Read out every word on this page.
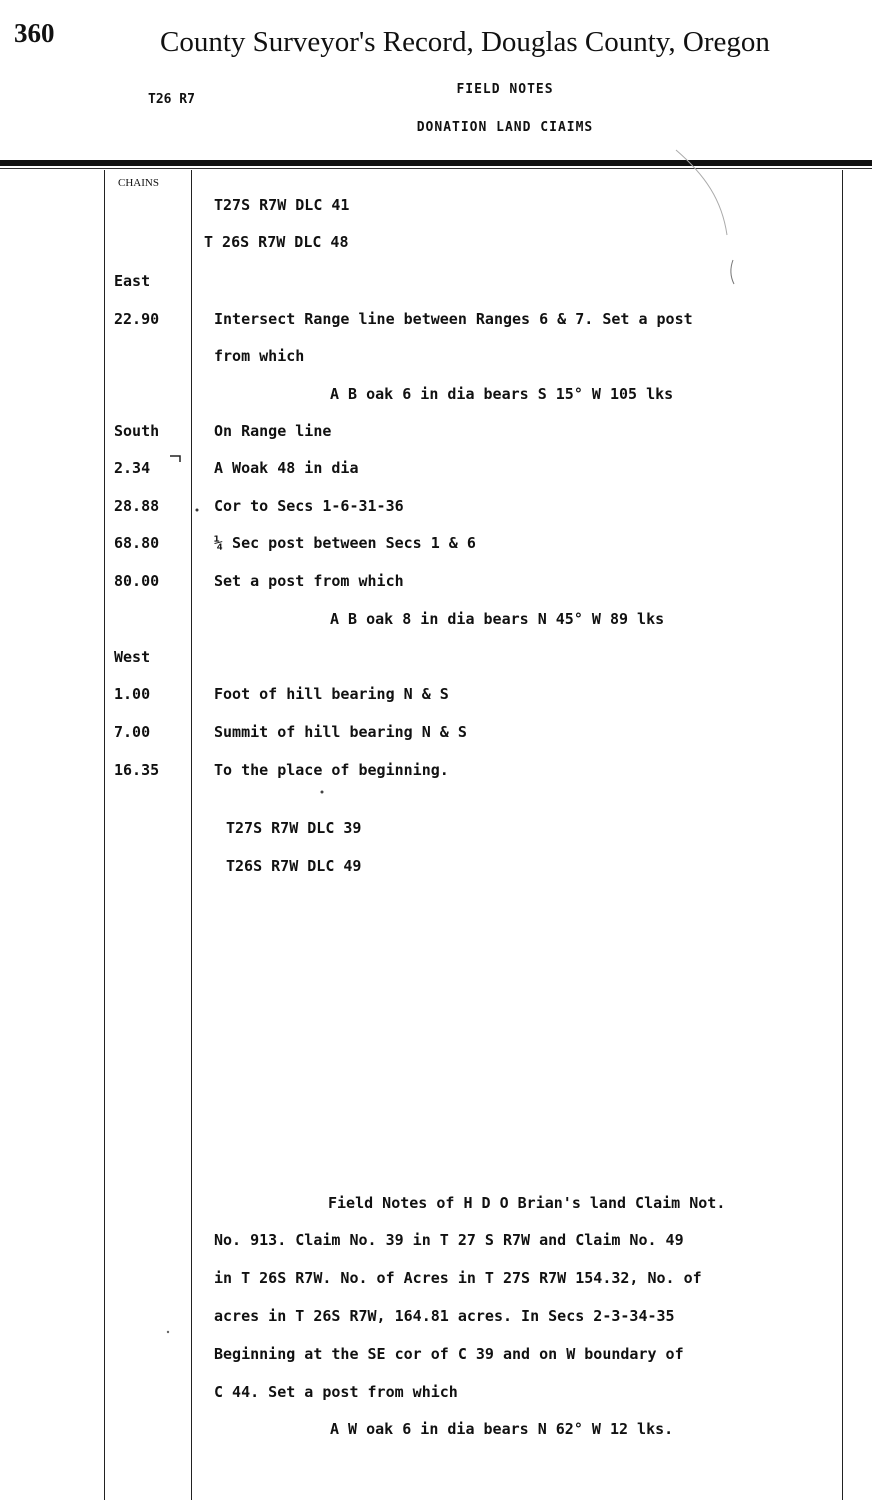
360	County Surveyor's Record, Douglas County, Oregon
T26 R7
FIELD NOTES
DONATION LAND CIAIMS
CHAINS
East
22.90
South
2.34
28.88
68.80
80.00
West
1.00
7.00
16.35
T27S R7W DLC 41
T 26S R7W DLC 48
Intersect Range line between Ranges 6 & 7. Set a post
from which
A B oak 6 in dia bears S 15° W 105 lks
On Range line
A Woak 48 in dia
Cor to Secs 1-6-31-36
¼ Sec post between Secs 1 & 6
Set a post from which
A B oak 8 in dia bears N 45° W 89 lks
Foot of hill bearing N & S
Summit of hill bearing N & S
To the place of beginning.
T27S R7W DLC 39
T26S R7W DLC 49
Field Notes of H D O Brian's land Claim Not.
No. 913. Claim No. 39 in T 27 S R7W and Claim No. 49
in T 26S R7W. No. of Acres in T 27S R7W 154.32, No. of
acres in T 26S R7W, 164.81 acres. In Secs 2-3-34-35
Beginning at the SE cor of C 39 and on W boundary of
C 44. Set a post from which
A W oak 6 in dia bears N 62° W 12 lks.
